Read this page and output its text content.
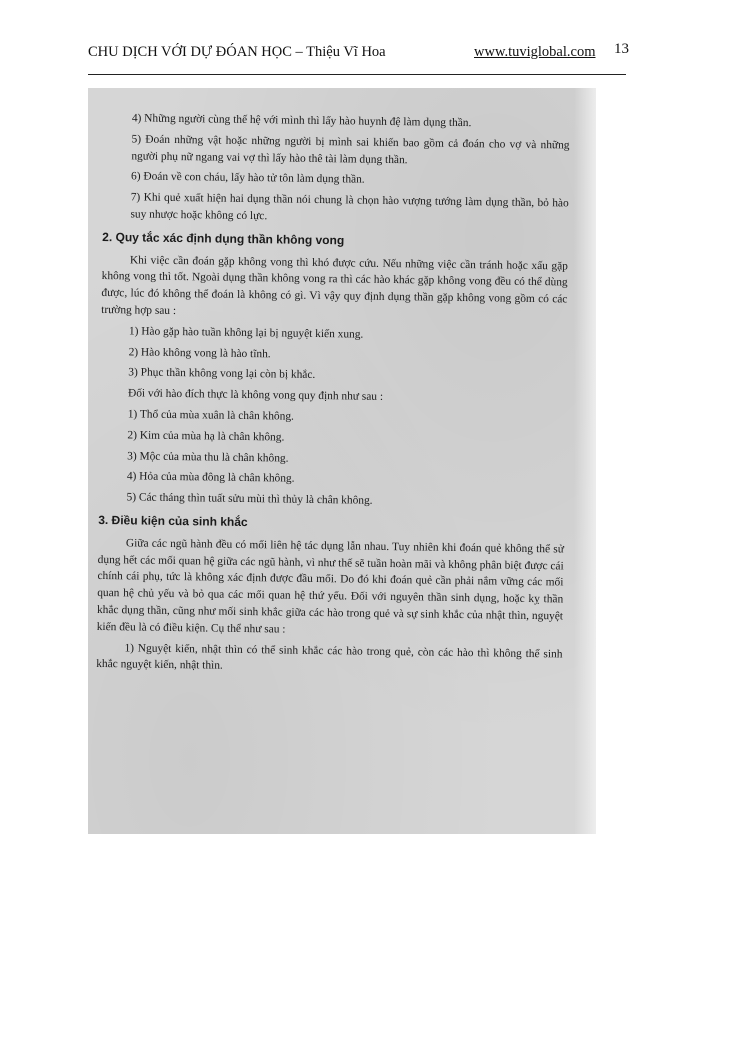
CHU DỊCH VỚI DỰ ĐÓAN HỌC – Thiệu Vĩ Hoa	www.tuviglobal.com 13

4) Những người cùng thế hệ với mình thì lấy hào huynh đệ làm dụng thần.

5) Đoán những vật hoặc những người bị mình sai khiến bao gồm cả đoán cho vợ và những người phụ nữ ngang vai vợ thì lấy hào thê tài làm dụng thần.

6) Đoán về con cháu, lấy hào tử tôn làm dụng thần.

7) Khi quẻ xuất hiện hai dụng thần nói chung là chọn hào vượng tướng làm dụng thần, bỏ hào suy nhược hoặc không có lực.

2. Quy tắc xác định dụng thần không vong

Khi việc cần đoán gặp không vong thì khó được cứu. Nếu những việc cần tránh hoặc xấu gặp không vong thì tốt. Ngoài dụng thần không vong ra thì các hào khác gặp không vong đều có thể dùng được, lúc đó không thể đoán là không có gì. Vì vậy quy định dụng thần gặp không vong gồm có các trường hợp sau :

1) Hào gặp hào tuần không lại bị nguyệt kiến xung.

2) Hào không vong là hào tĩnh.

3) Phục thần không vong lại còn bị khắc.

Đối với hào đích thực là không vong quy định như sau :

1) Thổ của mùa xuân là chân không.

2) Kim của mùa hạ là chân không.

3) Mộc của mùa thu là chân không.

4) Hỏa của mùa đông là chân không.

5) Các tháng thìn tuất sửu mùi thì thủy là chân không.

3. Điều kiện của sinh khắc

Giữa các ngũ hành đều có mối liên hệ tác dụng lẫn nhau. Tuy nhiên khi đoán quẻ không thể sử dụng hết các mối quan hệ giữa các ngũ hành, vì như thế sẽ tuần hoàn mãi và không phân biệt được cái chính cái phụ, tức là không xác định được đầu mối. Do đó khi đoán quẻ cần phải nắm vững các mối quan hệ chủ yếu và bỏ qua các mối quan hệ thứ yếu. Đối với nguyên thần sinh dụng, hoặc kỵ thần khắc dụng thần, cũng như mối sinh khắc giữa các hào trong quẻ và sự sinh khắc của nhật thìn, nguyệt kiến đều là có điều kiện. Cụ thể như sau :

1) Nguyệt kiến, nhật thìn có thể sinh khắc các hào trong quẻ, còn các hào thì không thể sinh khắc nguyệt kiến, nhật thìn.
